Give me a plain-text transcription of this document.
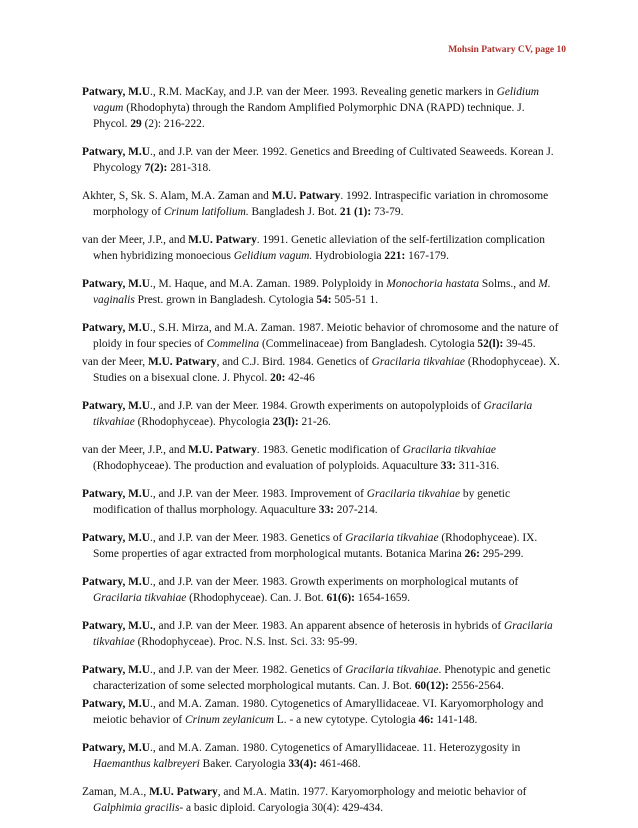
Mohsin Patwary CV, page 10

Patwary, M.U., R.M. MacKay, and J.P. van der Meer. 1993. Revealing genetic markers in Gelidium vagum (Rhodophyta) through the Random Amplified Polymorphic DNA (RAPD) technique. J. Phycol. 29 (2): 216-222.

Patwary, M.U., and J.P. van der Meer. 1992. Genetics and Breeding of Cultivated Seaweeds. Korean J. Phycology 7(2): 281-318.

Akhter, S, Sk. S. Alam, M.A. Zaman and M.U. Patwary. 1992. Intraspecific variation in chromosome morphology of Crinum latifolium. Bangladesh J. Bot. 21 (1): 73-79.

van der Meer, J.P., and M.U. Patwary. 1991. Genetic alleviation of the self-fertilization complication when hybridizing monoecious Gelidium vagum. Hydrobiologia 221: 167-179.

Patwary, M.U., M. Haque, and M.A. Zaman. 1989. Polyploidy in Monochoria hastata Solms., and M. vaginalis Prest. grown in Bangladesh. Cytologia 54: 505-51 1.

Patwary, M.U., S.H. Mirza, and M.A. Zaman. 1987. Meiotic behavior of chromosome and the nature of ploidy in four species of Commelina (Commelinaceae) from Bangladesh. Cytologia 52(l): 39-45.

van der Meer, M.U. Patwary, and C.J. Bird. 1984. Genetics of Gracilaria tikvahiae (Rhodophyceae). X. Studies on a bisexual clone. J. Phycol. 20: 42-46

Patwary, M.U., and J.P. van der Meer. 1984. Growth experiments on autopolyploids of Gracilaria tikvahiae (Rhodophyceae). Phycologia 23(l): 21-26.

van der Meer, J.P., and M.U. Patwary. 1983. Genetic modification of Gracilaria tikvahiae (Rhodophyceae). The production and evaluation of polyploids. Aquaculture 33: 311-316.

Patwary, M.U., and J.P. van der Meer. 1983. Improvement of Gracilaria tikvahiae by genetic modification of thallus morphology. Aquaculture 33: 207-214.

Patwary, M.U., and J.P. van der Meer. 1983. Genetics of Gracilaria tikvahiae (Rhodophyceae). IX. Some properties of agar extracted from morphological mutants. Botanica Marina 26: 295-299.

Patwary, M.U., and J.P. van der Meer. 1983. Growth experiments on morphological mutants of Gracilaria tikvahiae (Rhodophyceae). Can. J. Bot. 61(6): 1654-1659.

Patwary, M.U., and J.P. van der Meer. 1983. An apparent absence of heterosis in hybrids of Gracilaria tikvahiae (Rhodophyceae). Proc. N.S. lnst. Sci. 33: 95-99.

Patwary, M.U., and J.P. van der Meer. 1982. Genetics of Gracilaria tikvahiae. Phenotypic and genetic characterization of some selected morphological mutants. Can. J. Bot. 60(12): 2556-2564.

Patwary, M.U., and M.A. Zaman. 1980. Cytogenetics of Amaryllidaceae. VI. Karyomorphology and meiotic behavior of Crinum zeylanicum L. - a new cytotype. Cytologia 46: 141-148.

Patwary, M.U., and M.A. Zaman. 1980. Cytogenetics of Amaryllidaceae. 11. Heterozygosity in Haemanthus kalbreyeri Baker. Caryologia 33(4): 461-468.

Zaman, M.A., M.U. Patwary, and M.A. Matin. 1977. Karyomorphology and meiotic behavior of Galphimia gracilis- a basic diploid. Caryologia 30(4): 429-434.
